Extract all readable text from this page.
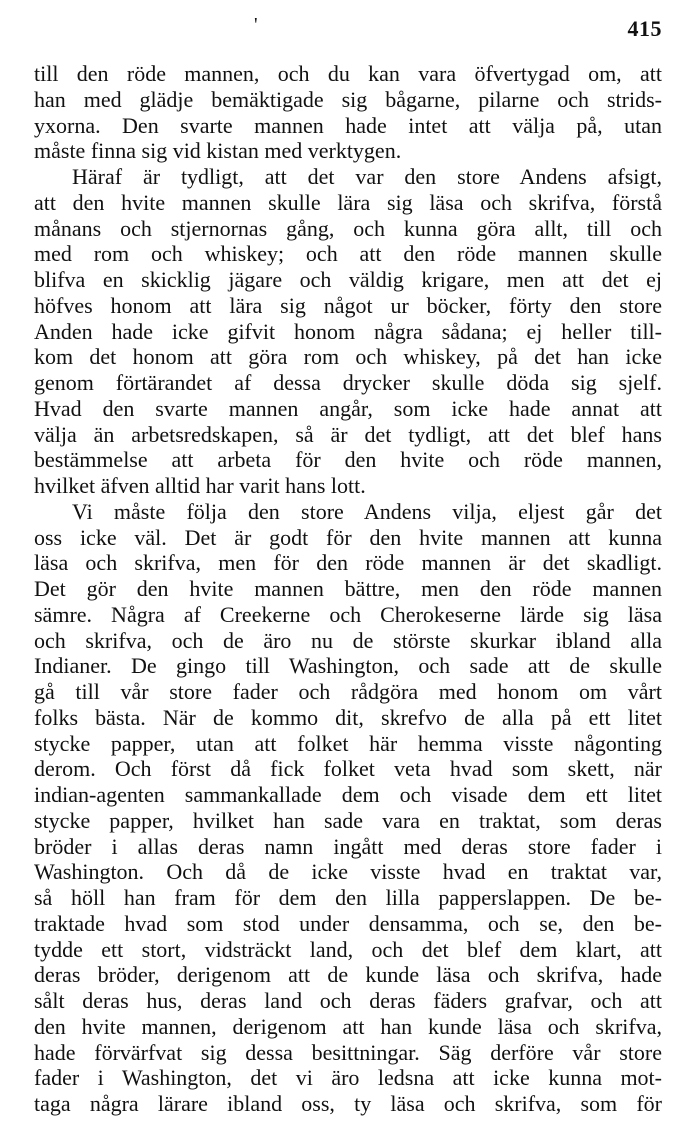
'	415
till den röde mannen, och du kan vara öfvertygad om, att
han med glädje bemäktigade sig bågarne, pilarne och strids-
yxorna. Den svarte mannen hade intet att välja på, utan
måste finna sig vid kistan med verktygen.
Häraf är tydligt, att det var den store Andens afsigt,
att den hvite mannen skulle lära sig läsa och skrifva, förstå
månans och stjernornas gång, och kunna göra allt, till och
med rom och whiskey; och att den röde mannen skulle
blifva en skicklig jägare och väldig krigare, men att det ej
höfves honom att lära sig något ur böcker, förty den store
Anden hade icke gifvit honom några sådana; ej heller till-
kom det honom att göra rom och whiskey, på det han icke
genom förtärandet af dessa drycker skulle döda sig sjelf.
Hvad den svarte mannen angår, som icke hade annat att
välja än arbetsredskapen, så är det tydligt, att det blef hans
bestämmelse att arbeta för den hvite och röde mannen,
hvilket äfven alltid har varit hans lott.
Vi måste följa den store Andens vilja, eljest går det
oss icke väl. Det är godt för den hvite mannen att kunna
läsa och skrifva, men för den röde mannen är det skadligt.
Det gör den hvite mannen bättre, men den röde mannen
sämre. Några af Creekerne och Cherokeserne lärde sig läsa
och skrifva, och de äro nu de störste skurkar ibland alla
Indianer. De gingo till Washington, och sade att de skulle
gå till vår store fader och rådgöra med honom om vårt
folks bästa. När de kommo dit, skrefvo de alla på ett litet
stycke papper, utan att folket här hemma visste någonting
derom. Och först då fick folket veta hvad som skett, när
indian-agenten sammankallade dem och visade dem ett litet
stycke papper, hvilket han sade vara en traktat, som deras
bröder i allas deras namn ingått med deras store fader i
Washington. Och då de icke visste hvad en traktat var,
så höll han fram för dem den lilla papperslappen. De be-
traktade hvad som stod under densamma, och se, den be-
tydde ett stort, vidsträckt land, och det blef dem klart, att
deras bröder, derigenom att de kunde läsa och skrifva, hade
sålt deras hus, deras land och deras fäders grafvar, och att
den hvite mannen, derigenom att han kunde läsa och skrifva,
hade förvärfvat sig dessa besittningar. Säg derföre vår store
fader i Washington, det vi äro ledsna att icke kunna mot-
taga några lärare ibland oss, ty läsa och skrifva, som för
